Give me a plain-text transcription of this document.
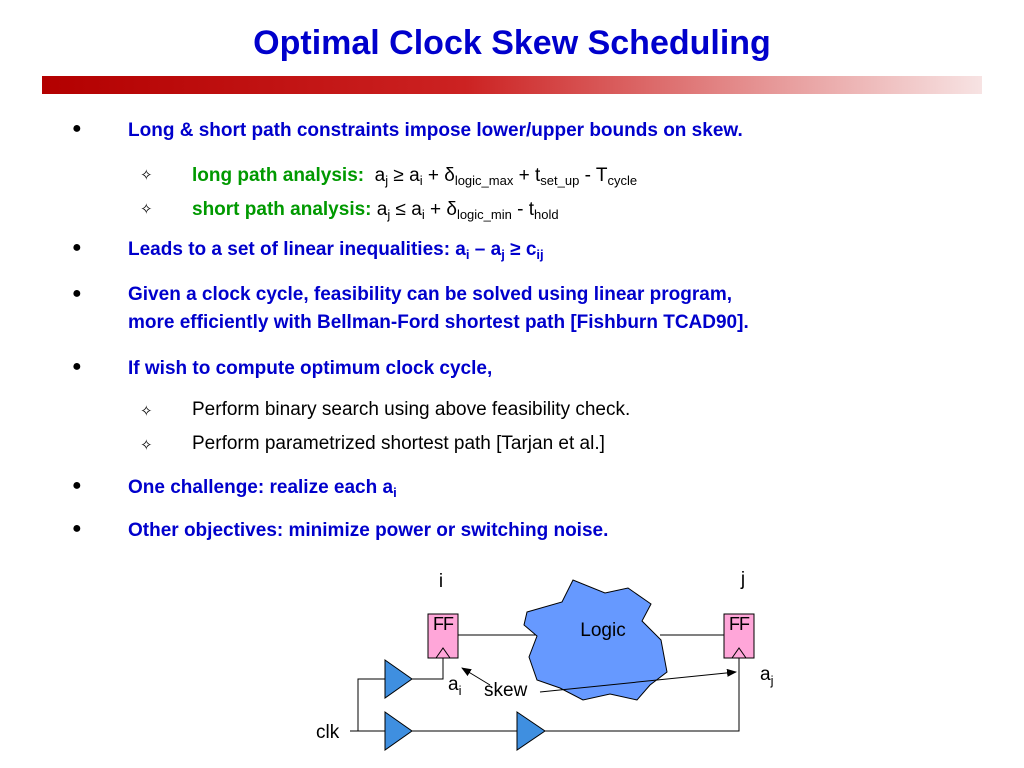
Optimal Clock Skew Scheduling
● Long & short path constraints impose lower/upper bounds on skew.
✧ long path analysis: $a_j \ge a_i + \delta_{logic\_max} + t_{set\_up} - T_{cycle}$
✧ short path analysis: $a_j \le a_i + \delta_{logic\_min} - t_{hold}$
● Leads to a set of linear inequalities: $a_i - a_j \ge c_{ij}$
● Given a clock cycle, feasibility can be solved using linear program,
more efficiently with Bellman-Ford shortest path [Fishburn TCAD90].
● If wish to compute optimum clock cycle,
✧ Perform binary search using above feasibility check.
✧ Perform parametrized shortest path [Tarjan et al.]
● One challenge: realize each $a_i$
● Other objectives: minimize power or switching noise.
i	j
Logic
FF	FF
$a_i$ skew
$a_j$
clk
